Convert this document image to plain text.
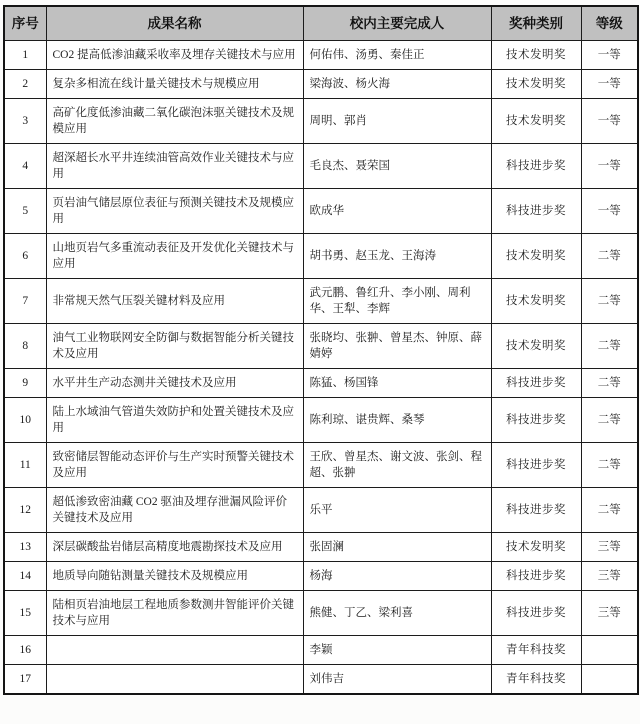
序号	成果名称	校内主要完成人	奖种类别	等级
1	CO2 提高低渗油藏采收率及埋存关键技术与应用	何佑伟、汤勇、秦佳正	技术发明奖	一等
2	复杂多相流在线计量关键技术与规模应用	梁海波、杨火海	技术发明奖	一等
3	高矿化度低渗油藏二氧化碳泡沫驱关键技术及规模应用	周明、郭肖	技术发明奖	一等
4	超深超长水平井连续油管高效作业关键技术与应用	毛良杰、聂荣国	科技进步奖	一等
5	页岩油气储层原位表征与预测关键技术及规模应用	欧成华	科技进步奖	一等
6	山地页岩气多重流动表征及开发优化关键技术与应用	胡书勇、赵玉龙、王海涛	技术发明奖	二等
7	非常规天然气压裂关键材料及应用	武元鹏、鲁红升、李小刚、周利华、王犁、李辉	技术发明奖	二等
8	油气工业物联网安全防御与数据智能分析关键技术及应用	张晓均、张翀、曾星杰、钟原、薛婧婷	技术发明奖	二等
9	水平井生产动态测井关键技术及应用	陈猛、杨国锋	科技进步奖	二等
10	陆上水域油气管道失效防护和处置关键技术及应用	陈利琼、谌贵辉、桑琴	科技进步奖	二等
11	致密储层智能动态评价与生产实时预警关键技术及应用	王欣、曾星杰、谢文波、张剑、程超、张翀	科技进步奖	二等
12	超低渗致密油藏 CO2 驱油及埋存泄漏风险评价关键技术及应用	乐平	科技进步奖	二等
13	深层碳酸盐岩储层高精度地震勘探技术及应用	张固澜	技术发明奖	三等
14	地质导向随钻测量关键技术及规模应用	杨海	科技进步奖	三等
15	陆相页岩油地层工程地质参数测井智能评价关键技术与应用	熊健、丁乙、梁利喜	科技进步奖	三等
16		李颖	青年科技奖	
17		刘伟吉	青年科技奖	
